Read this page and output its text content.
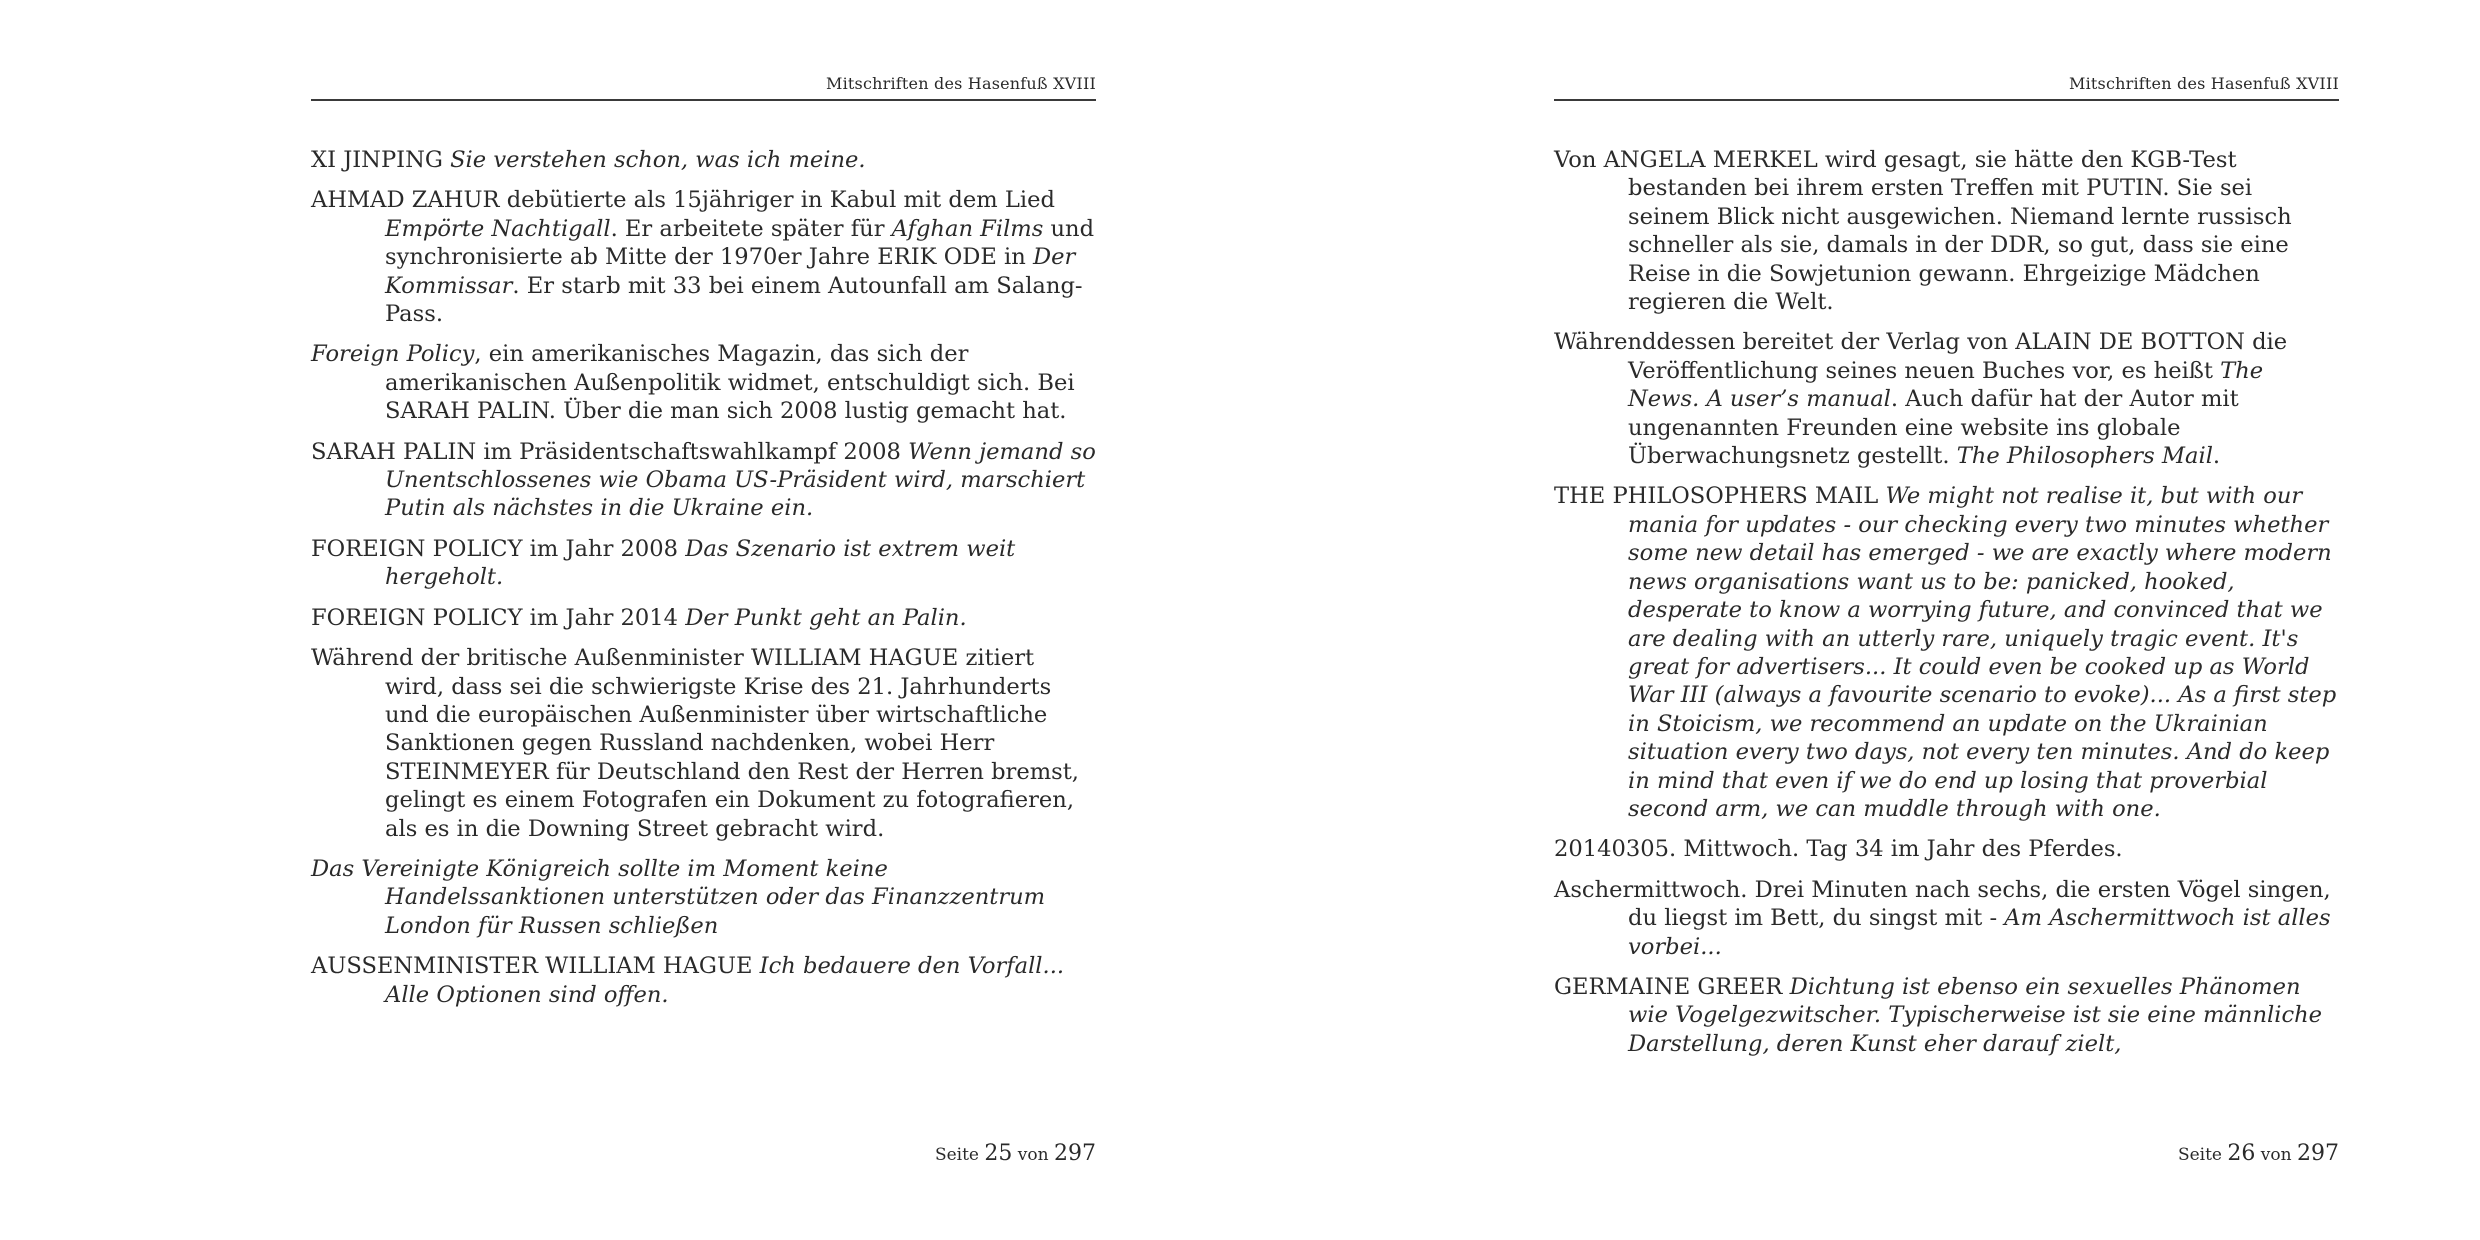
Mitschriften des Hasenfuß XVIII

XI JINPING Sie verstehen schon, was ich meine.

AHMAD ZAHUR debütierte als 15jähriger in Kabul mit dem Lied Empörte Nachtigall. Er arbeitete später für Afghan Films und synchronisierte ab Mitte der 1970er Jahre ERIK ODE in Der Kommissar. Er starb mit 33 bei einem Autounfall am Salang-Pass.

Foreign Policy, ein amerikanisches Magazin, das sich der amerikanischen Außenpolitik widmet, entschuldigt sich. Bei SARAH PALIN. Über die man sich 2008 lustig gemacht hat.

SARAH PALIN im Präsidentschaftswahlkampf 2008 Wenn jemand so Unentschlossenes wie Obama US-Präsident wird, marschiert Putin als nächstes in die Ukraine ein.

FOREIGN POLICY im Jahr 2008 Das Szenario ist extrem weit hergeholt.

FOREIGN POLICY im Jahr 2014 Der Punkt geht an Palin.

Während der britische Außenminister WILLIAM HAGUE zitiert wird, dass sei die schwierigste Krise des 21. Jahrhunderts und die europäischen Außenminister über wirtschaftliche Sanktionen gegen Russland nachdenken, wobei Herr STEINMEYER für Deutschland den Rest der Herren bremst, gelingt es einem Fotografen ein Dokument zu fotografieren, als es in die Downing Street gebracht wird.

Das Vereinigte Königreich sollte im Moment keine Handelssanktionen unterstützen oder das Finanzzentrum London für Russen schließen

AUSSENMINISTER WILLIAM HAGUE Ich bedauere den Vorfall... Alle Optionen sind offen.

Seite 25 von 297
Mitschriften des Hasenfuß XVIII

Von ANGELA MERKEL wird gesagt, sie hätte den KGB-Test bestanden bei ihrem ersten Treffen mit PUTIN. Sie sei seinem Blick nicht ausgewichen. Niemand lernte russisch schneller als sie, damals in der DDR, so gut, dass sie eine Reise in die Sowjetunion gewann. Ehrgeizige Mädchen regieren die Welt.

Währenddessen bereitet der Verlag von ALAIN DE BOTTON die Veröffentlichung seines neuen Buches vor, es heißt The News. A user’s manual. Auch dafür hat der Autor mit ungenannten Freunden eine website ins globale Überwachungsnetz gestellt. The Philosophers Mail.

THE PHILOSOPHERS MAIL We might not realise it, but with our mania for updates - our checking every two minutes whether some new detail has emerged - we are exactly where modern news organisations want us to be: panicked, hooked, desperate to know a worrying future, and convinced that we are dealing with an utterly rare, uniquely tragic event. It's great for advertisers... It could even be cooked up as World War III (always a favourite scenario to evoke)... As a first step in Stoicism, we recommend an update on the Ukrainian situation every two days, not every ten minutes. And do keep in mind that even if we do end up losing that proverbial second arm, we can muddle through with one.

20140305. Mittwoch. Tag 34 im Jahr des Pferdes.

Aschermittwoch. Drei Minuten nach sechs, die ersten Vögel singen, du liegst im Bett, du singst mit - Am Aschermittwoch ist alles vorbei...

GERMAINE GREER Dichtung ist ebenso ein sexuelles Phänomen wie Vogelgezwitscher. Typischerweise ist sie eine männliche Darstellung, deren Kunst eher darauf zielt,

Seite 26 von 297
